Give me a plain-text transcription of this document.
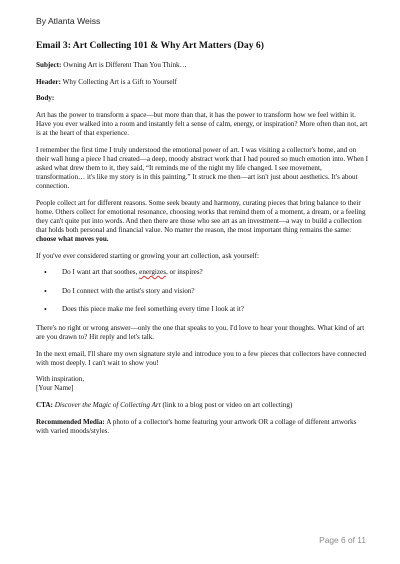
By Atlanta Weiss
Email 3: Art Collecting 101 & Why Art Matters (Day 6)

Subject: Owning Art is Different Than You Think…

Header: Why Collecting Art is a Gift to Yourself

Body:

Art has the power to transform a space—but more than that, it has the power to transform how we feel within it. Have you ever walked into a room and instantly felt a sense of calm, energy, or inspiration? More often than not, art is at the heart of that experience.

I remember the first time I truly understood the emotional power of art. I was visiting a collector's home, and on their wall hung a piece I had created—a deep, moody abstract work that I had poured so much emotion into. When I asked what drew them to it, they said, “It reminds me of the night my life changed. I see movement, transformation… it's like my story is in this painting.” It struck me then—art isn't just about aesthetics. It's about connection.

People collect art for different reasons. Some seek beauty and harmony, curating pieces that bring balance to their home. Others collect for emotional resonance, choosing works that remind them of a moment, a dream, or a feeling they can't quite put into words. And then there are those who see art as an investment—a way to build a collection that holds both personal and financial value. No matter the reason, the most important thing remains the same: choose what moves you.

If you've ever considered starting or growing your art collection, ask yourself:

• Do I want art that soothes, energizes, or inspires?
• Do I connect with the artist's story and vision?
• Does this piece make me feel something every time I look at it?

There's no right or wrong answer—only the one that speaks to you. I'd love to hear your thoughts. What kind of art are you drawn to? Hit reply and let's talk.

In the next email, I'll share my own signature style and introduce you to a few pieces that collectors have connected with most deeply. I can't wait to show you!

With inspiration,
[Your Name]

CTA: Discover the Magic of Collecting Art (link to a blog post or video on art collecting)

Recommended Media: A photo of a collector's home featuring your artwork OR a collage of different artworks with varied moods/styles.

Page 6 of 11
